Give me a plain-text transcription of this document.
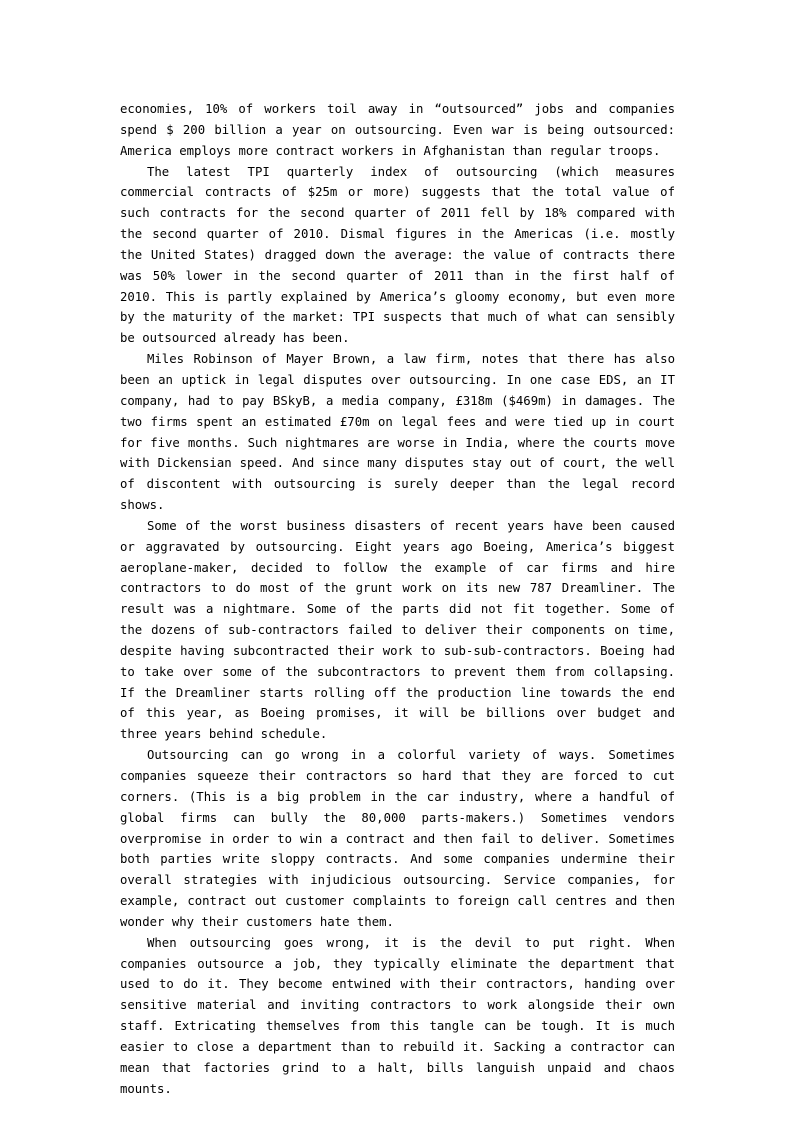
economies, 10% of workers toil away in “outsourced” jobs and companies spend $ 200 billion a year on outsourcing. Even war is being outsourced: America employs more contract workers in Afghanistan than regular troops.

The latest TPI quarterly index of outsourcing (which measures commercial contracts of $25m or more) suggests that the total value of such contracts for the second quarter of 2011 fell by 18% compared with the second quarter of 2010. Dismal figures in the Americas (i.e. mostly the United States) dragged down the average: the value of contracts there was 50% lower in the second quarter of 2011 than in the first half of 2010. This is partly explained by America’s gloomy economy, but even more by the maturity of the market: TPI suspects that much of what can sensibly be outsourced already has been.

Miles Robinson of Mayer Brown, a law firm, notes that there has also been an uptick in legal disputes over outsourcing. In one case EDS, an IT company, had to pay BSkyB, a media company, £318m ($469m) in damages. The two firms spent an estimated £70m on legal fees and were tied up in court for five months. Such nightmares are worse in India, where the courts move with Dickensian speed. And since many disputes stay out of court, the well of discontent with outsourcing is surely deeper than the legal record shows.

Some of the worst business disasters of recent years have been caused or aggravated by outsourcing. Eight years ago Boeing, America’s biggest aeroplane-maker, decided to follow the example of car firms and hire contractors to do most of the grunt work on its new 787 Dreamliner. The result was a nightmare. Some of the parts did not fit together. Some of the dozens of sub-contractors failed to deliver their components on time, despite having subcontracted their work to sub-sub-contractors. Boeing had to take over some of the subcontractors to prevent them from collapsing. If the Dreamliner starts rolling off the production line towards the end of this year, as Boeing promises, it will be billions over budget and three years behind schedule.

Outsourcing can go wrong in a colorful variety of ways. Sometimes companies squeeze their contractors so hard that they are forced to cut corners. (This is a big problem in the car industry, where a handful of global firms can bully the 80,000 parts-makers.) Sometimes vendors overpromise in order to win a contract and then fail to deliver. Sometimes both parties write sloppy contracts. And some companies undermine their overall strategies with injudicious outsourcing. Service companies, for example, contract out customer complaints to foreign call centres and then wonder why their customers hate them.

When outsourcing goes wrong, it is the devil to put right. When companies outsource a job, they typically eliminate the department that used to do it. They become entwined with their contractors, handing over sensitive material and inviting contractors to work alongside their own staff. Extricating themselves from this tangle can be tough. It is much easier to close a department than to rebuild it. Sacking a contractor can mean that factories grind to a halt, bills languish unpaid and chaos mounts.
